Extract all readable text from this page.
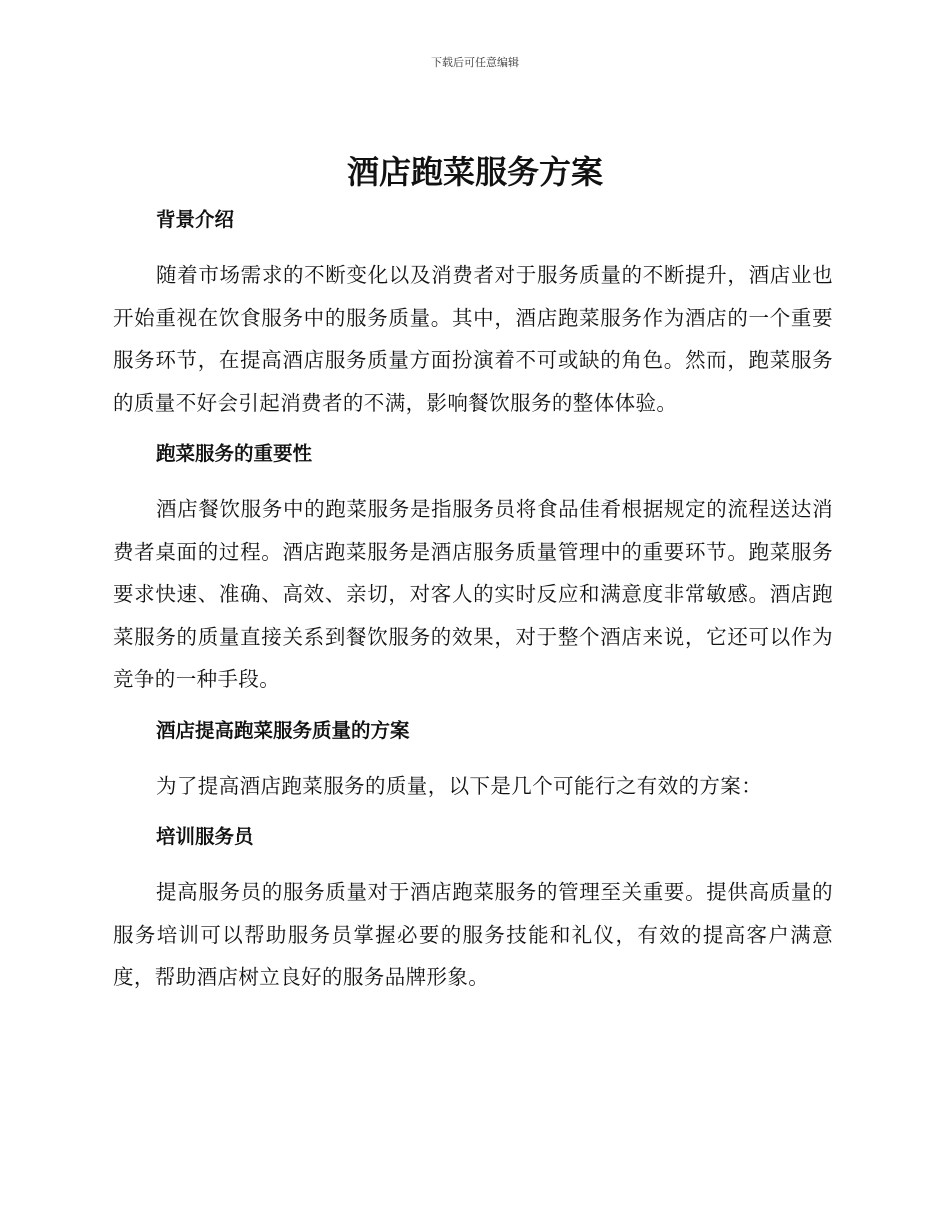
下载后可任意编辑
酒店跑菜服务方案
背景介绍

随着市场需求的不断变化以及消费者对于服务质量的不断提升，酒店业也开始重视在饮食服务中的服务质量。其中，酒店跑菜服务作为酒店的一个重要服务环节，在提高酒店服务质量方面扮演着不可或缺的角色。然而，跑菜服务的质量不好会引起消费者的不满，影响餐饮服务的整体体验。

跑菜服务的重要性

酒店餐饮服务中的跑菜服务是指服务员将食品佳肴根据规定的流程送达消费者桌面的过程。酒店跑菜服务是酒店服务质量管理中的重要环节。跑菜服务要求快速、准确、高效、亲切，对客人的实时反应和满意度非常敏感。酒店跑菜服务的质量直接关系到餐饮服务的效果，对于整个酒店来说，它还可以作为竞争的一种手段。

酒店提高跑菜服务质量的方案

为了提高酒店跑菜服务的质量，以下是几个可能行之有效的方案：

培训服务员

提高服务员的服务质量对于酒店跑菜服务的管理至关重要。提供高质量的服务培训可以帮助服务员掌握必要的服务技能和礼仪，有效的提高客户满意度，帮助酒店树立良好的服务品牌形象。
